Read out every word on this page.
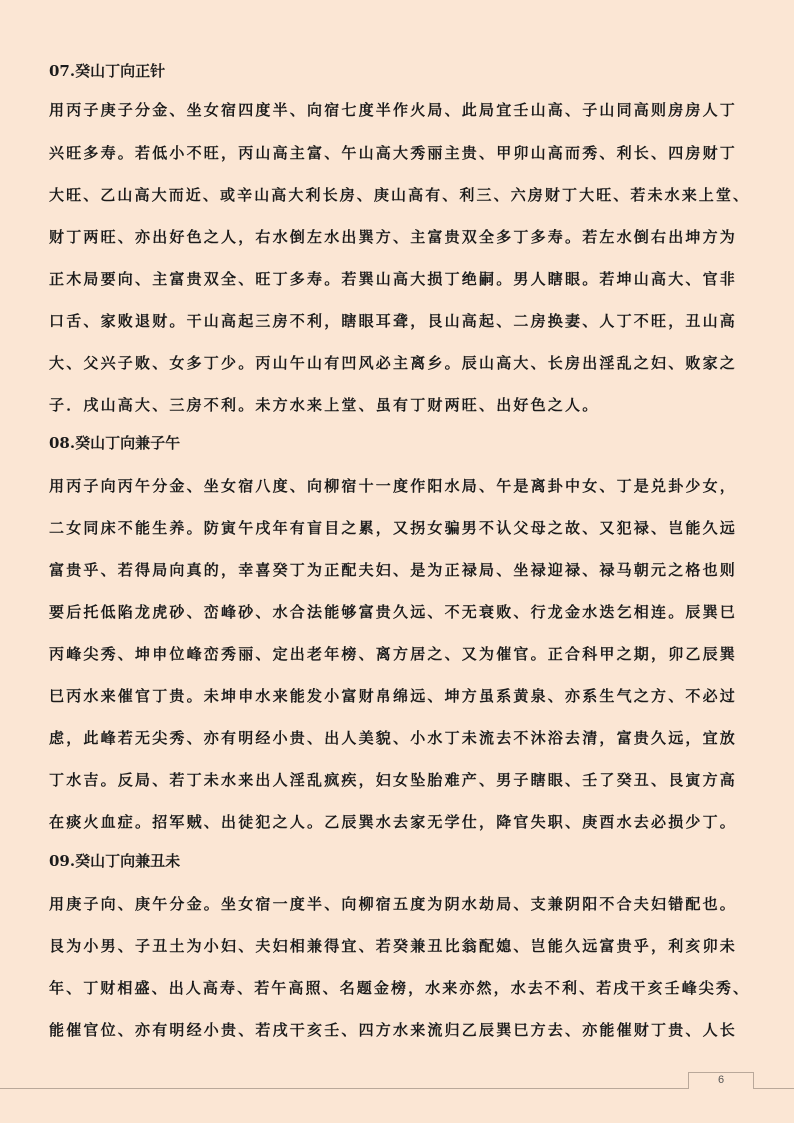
07.癸山丁向正针
用丙子庚子分金、坐女宿四度半、向宿七度半作火局、此局宜壬山高、子山同高则房房人丁
兴旺多寿。若低小不旺，丙山高主富、午山高大秀丽主贵、甲卯山高而秀、利长、四房财丁
大旺、乙山高大而近、或辛山高大利长房、庚山高有、利三、六房财丁大旺、若未水来上堂、
财丁两旺、亦出好色之人，右水倒左水出巽方、主富贵双全多丁多寿。若左水倒右出坤方为
正木局要向、主富贵双全、旺丁多寿。若巽山高大损丁绝嗣。男人瞎眼。若坤山高大、官非
口舌、家败退财。干山高起三房不利，瞎眼耳聋，艮山高起、二房换妻、人丁不旺，丑山高
大、父兴子败、女多丁少。丙山午山有凹风必主离乡。辰山高大、长房出淫乱之妇、败家之
子．戌山高大、三房不利。未方水来上堂、虽有丁财两旺、出好色之人。
08.癸山丁向兼子午
用丙子向丙午分金、坐女宿八度、向柳宿十一度作阳水局、午是离卦中女、丁是兑卦少女，
二女同床不能生养。防寅午戌年有盲目之累，又拐女骗男不认父母之故、又犯禄、岂能久远
富贵乎、若得局向真的，幸喜癸丁为正配夫妇、是为正禄局、坐禄迎禄、禄马朝元之格也则
要后托低陷龙虎砂、峦峰砂、水合法能够富贵久远、不无衰败、行龙金水迭乞相连。辰巽巳
丙峰尖秀、坤申位峰峦秀丽、定出老年榜、离方居之、又为催官。正合科甲之期，卯乙辰巽
巳丙水来催官丁贵。未坤申水来能发小富财帛绵远、坤方虽系黄泉、亦系生气之方、不必过
虑，此峰若无尖秀、亦有明经小贵、出人美貌、小水丁未流去不沐浴去清，富贵久远，宜放
丁水吉。反局、若丁未水来出人淫乱疯疾，妇女坠胎难产、男子瞎眼、壬了癸丑、艮寅方高
在痰火血症。招军贼、出徒犯之人。乙辰巽水去家无学仕，降官失职、庚酉水去必损少丁。
09.癸山丁向兼丑未
用庚子向、庚午分金。坐女宿一度半、向柳宿五度为阴水劫局、支兼阴阳不合夫妇错配也。
艮为小男、子丑土为小妇、夫妇相兼得宜、若癸兼丑比翁配媳、岂能久远富贵乎，利亥卯未
年、丁财相盛、出人高寿、若午高照、名题金榜，水来亦然，水去不利、若戌干亥壬峰尖秀、
能催官位、亦有明经小贵、若戌干亥壬、四方水来流归乙辰巽巳方去、亦能催财丁贵、人长
6
